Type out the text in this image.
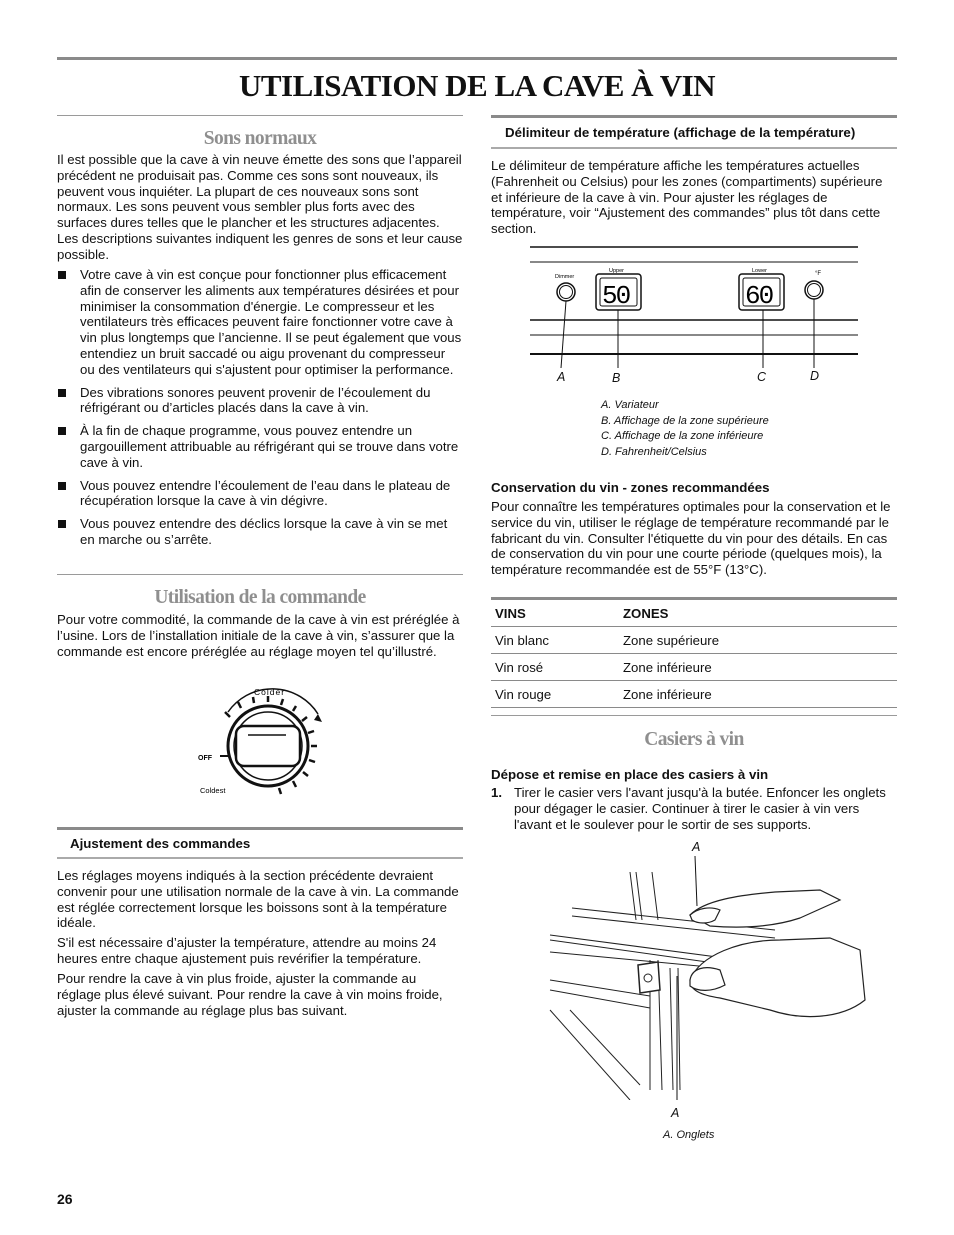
UTILISATION DE LA CAVE À VIN
Sons normaux
Il est possible que la cave à vin neuve émette des sons que l’appareil précédent ne produisait pas. Comme ces sons sont nouveaux, ils peuvent vous inquiéter. La plupart de ces nouveaux sons sont normaux. Les sons peuvent vous sembler plus forts avec des surfaces dures telles que le plancher et les structures adjacentes. Les descriptions suivantes indiquent les genres de sons et leur cause possible.
Votre cave à vin est conçue pour fonctionner plus efficacement afin de conserver les aliments aux températures désirées et pour minimiser la consommation d'énergie. Le compresseur et les ventilateurs très efficaces peuvent faire fonctionner votre cave à vin plus longtemps que l’ancienne. Il se peut également que vous entendiez un bruit saccadé ou aigu provenant du compresseur ou des ventilateurs qui s'ajustent pour optimiser la performance.
Des vibrations sonores peuvent provenir de l’écoulement du réfrigérant ou d’articles placés dans la cave à vin.
À la fin de chaque programme, vous pouvez entendre un gargouillement attribuable au réfrigérant qui se trouve dans votre cave à vin.
Vous pouvez entendre l’écoulement de l’eau dans le plateau de récupération lorsque la cave à vin dégivre.
Vous pouvez entendre des déclics lorsque la cave à vin se met en marche ou s’arrête.
Utilisation de la commande
Pour votre commodité, la commande de la cave à vin est préréglée à l’usine. Lors de l’installation initiale de la cave à vin, s’assurer que la commande est encore préréglée au réglage moyen tel qu’illustré.
Colder
OFF
Coldest
Ajustement des commandes
Les réglages moyens indiqués à la section précédente devraient convenir pour une utilisation normale de la cave à vin. La commande est réglée correctement lorsque les boissons sont à la température idéale.
S'il est nécessaire d’ajuster la température, attendre au moins 24 heures entre chaque ajustement puis revérifier la température.
Pour rendre la cave à vin plus froide, ajuster la commande au réglage plus élevé suivant. Pour rendre la cave à vin moins froide, ajuster la commande au réglage plus bas suivant.
Délimiteur de température (affichage de la température)
Le délimiteur de température affiche les températures actuelles (Fahrenheit ou Celsius) pour les zones (compartiments) supérieure et inférieure de la cave à vin. Pour ajuster les réglages de température, voir “Ajustement des commandes” plus tôt dans cette section.
Dimmer
Upper	Lower	°F
50	60
A	B	C	D
A. Variateur
B. Affichage de la zone supérieure
C. Affichage de la zone inférieure
D. Fahrenheit/Celsius
Conservation du vin - zones recommandées
Pour connaître les températures optimales pour la conservation et le service du vin, utiliser le réglage de température recommandé par le fabricant du vin. Consulter l'étiquette du vin pour des détails. En cas de conservation du vin pour une courte période (quelques mois), la température recommandée est de 55°F (13°C).
VINS	ZONES
Vin blanc	Zone supérieure
Vin rosé	Zone inférieure
Vin rouge	Zone inférieure
Casiers à vin
Dépose et remise en place des casiers à vin
1. Tirer le casier vers l'avant jusqu'à la butée. Enfoncer les onglets pour dégager le casier. Continuer à tirer le casier à vin vers l'avant et le soulever pour le sortir de ses supports.
A
A
A. Onglets
26
